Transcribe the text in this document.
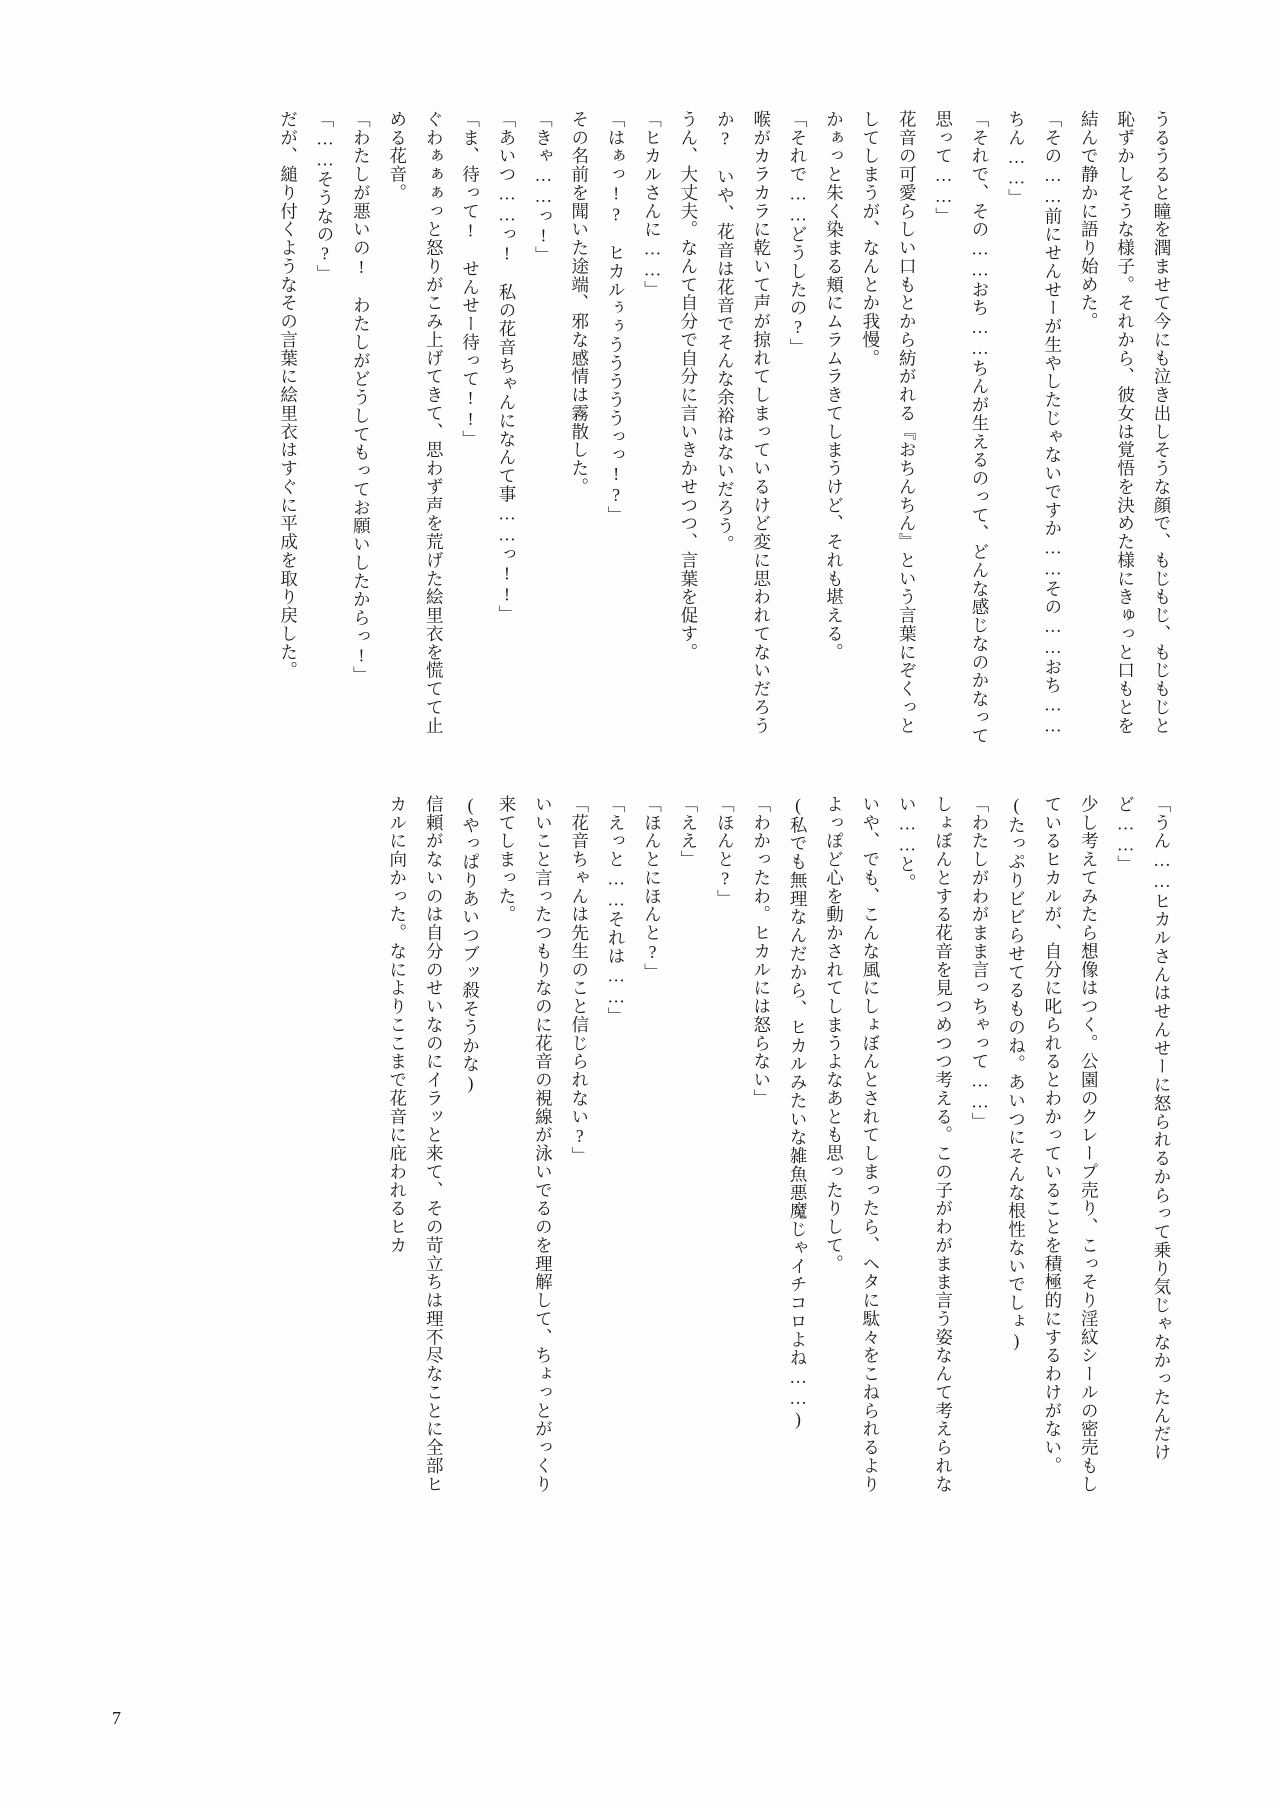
うるうると瞳を潤ませて今にも泣き出しそうな顔で、もじもじ、もじもじと恥ずかしそうな様子。それから、彼女は覚悟を決めた様にきゅっと口もとを結んで静かに語り始めた。

「その……前にせんせーが生やしたじゃないですか……その……おち……ちん……」

「それで、その……おち……ちんが生えるのって、どんな感じなのかなって思って……」

花音の可愛らしい口もとから紡がれる『おちんちん』という言葉にぞくっとしてしまうが、なんとか我慢。

かぁっと朱く染まる頬にムラムラきてしまうけど、それも堪える。

「それで……どうしたの?」

喉がカラカラに乾いて声が掠れてしまっているけど変に思われてないだろうか?　いや、花音は花音でそんな余裕はないだろう。

うん、大丈夫。なんて自分で自分に言いきかせつつ、言葉を促す。

「ヒカルさんに……」

「はぁっ!?　ヒカルぅぅうううううっっ!?」

その名前を聞いた途端、邪な感情は霧散した。

「きゃ……っ!」

「あいつ……っ!　私の花音ちゃんになんて事……っ!!」

「ま、待って!　せんせー待って!!」

ぐわぁぁぁっと怒りがこみ上げてきて、思わず声を荒げた絵里衣を慌てて止める花音。

「わたしが悪いの!　わたしがどうしてもってお願いしたからっ!」

「……そうなの?」

だが、縋り付くようなその言葉に絵里衣はすぐに平成を取り戻した。

「うん……ヒカルさんはせんせーに怒られるからって乗り気じゃなかったんだけど……」

少し考えてみたら想像はつく。公園のクレープ売り、こっそり淫紋シールの密売もしているヒカルが、自分に叱られるとわかっていることを積極的にするわけがない。

(たっぷりビビらせてるものね。あいつにそんな根性ないでしょ)

「わたしがわがまま言っちゃって……」

しょぼんとする花音を見つめつつ考える。この子がわがまま言う姿なんて考えられない……と。

いや、でも、こんな風にしょぼんとされてしまったら、ヘタに駄々をこねられるよりよっぽど心を動かされてしまうよなあとも思ったりして。

(私でも無理なんだから、ヒカルみたいな雑魚悪魔じゃイチコロよね……)

「わかったわ。ヒカルには怒らない」

「ほんと?」

「ええ」

「ほんとにほんと?」

「えっと……それは……」

「花音ちゃんは先生のこと信じられない?」

いいこと言ったつもりなのに花音の視線が泳いでるのを理解して、ちょっとがっくり来てしまった。

(やっぱりあいつブッ殺そうかな)

信頼がないのは自分のせいなのにイラッと来て、その苛立ちは理不尽なことに全部ヒカルに向かった。なによりここまで花音に庇われるヒカ

7
